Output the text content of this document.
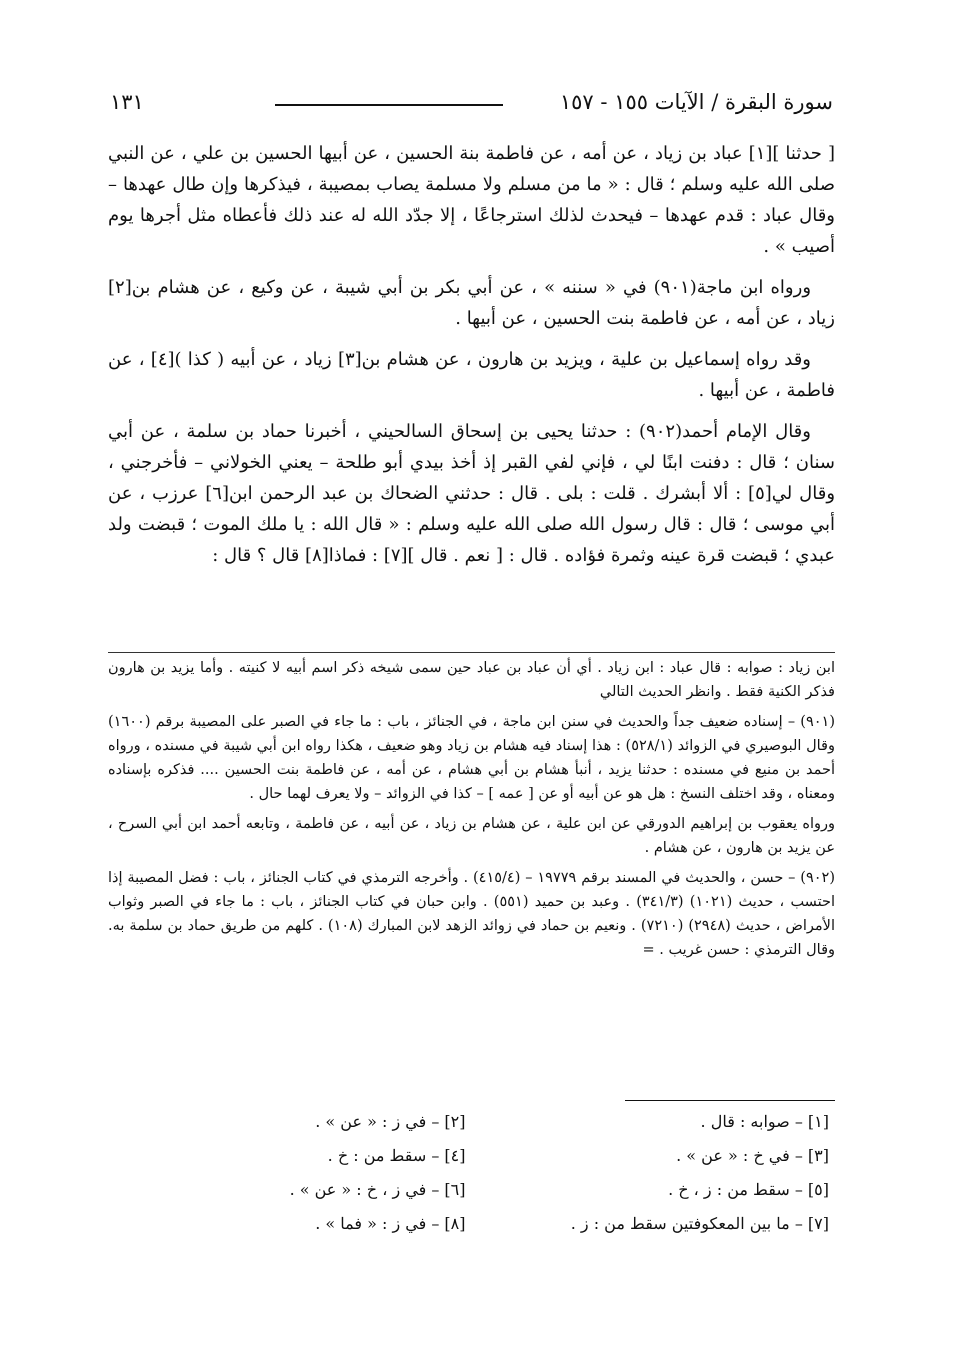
سورة البقرة / الآيات ١٥٥ - ١٥٧
١٣١

[ حدثنا ][١] عباد بن زياد ، عن أمه ، عن فاطمة بنة الحسين ، عن أبيها الحسين بن علي ، عن النبي صلى الله عليه وسلم ؛ قال : « ما من مسلم ولا مسلمة يصاب بمصيبة ، فيذكرها وإن طال عهدها – وقال عباد : قدم عهدها – فيحدث لذلك استرجاعًا ، إلا جدّد الله له عند ذلك فأعطاه مثل أجرها يوم أصيب » .

ورواه ابن ماجة(٩٠١) في « سننه » ، عن أبي بكر بن أبي شيبة ، عن وكيع ، عن هشام بن[٢] زياد ، عن أمه ، عن فاطمة بنت الحسين ، عن أبيها .

وقد رواه إسماعيل بن علية ، ويزيد بن هارون ، عن هشام بن[٣] زياد ، عن أبيه ( كذا )[٤] ، عن فاطمة ، عن أبيها .

وقال الإمام أحمد(٩٠٢) : حدثنا يحيى بن إسحاق السالحيني ، أخبرنا حماد بن سلمة ، عن أبي سنان ؛ قال : دفنت ابنًا لي ، فإني لفي القبر إذ أخذ بيدي أبو طلحة – يعني الخولاني – فأخرجني ، وقال لي[٥] : ألا أبشرك . قلت : بلى . قال : حدثني الضحاك بن عبد الرحمن ابن[٦] عرزب ، عن أبي موسى ؛ قال : قال رسول الله صلى الله عليه وسلم : « قال الله : يا ملك الموت ؛ قبضت ولد عبدي ؛ قبضت قرة عينه وثمرة فؤاده . قال : [ نعم . قال ][٧] : فماذا[٨] قال ؟ قال :

ابن زياد : صوابه : قال عباد : ابن زياد . أي أن عباد بن عباد حين سمى شيخه ذكر اسم أبيه لا كنيته . وأما يزيد بن هارون فذكر الكنية فقط . وانظر الحديث التالي

(٩٠١) – إسناده ضعيف جداً والحديث في سنن ابن ماجة ، في الجنائز ، باب : ما جاء في الصبر على المصيبة برقم (١٦٠٠) وقال البوصيري في الزوائد (٥٢٨/١) : هذا إسناد فيه هشام بن زياد وهو ضعيف ، هكذا رواه ابن أبي شيبة في مسنده ، ورواه أحمد بن منيع في مسنده : حدثنا يزيد ، أنبأ هشام بن أبي هشام ، عن أمه ، عن فاطمة بنت الحسين .... فذكره بإسناده ومعناه ، وقد اختلف النسخ : هل هو عن أبيه أو عن [ عمه ] – كذا في الزوائد – ولا يعرف لهما حال .

ورواه يعقوب بن إبراهيم الدورقي عن ابن علية ، عن هشام بن زياد ، عن أبيه ، عن فاطمة ، وتابعه أحمد ابن أبي السرح ، عن يزيد بن هارون ، عن هشام .

(٩٠٢) – حسن ، والحديث في المسند برقم ١٩٧٧٩ – (٤١٥/٤) . وأخرجه الترمذي في كتاب الجنائز ، باب : فضل المصيبة إذا احتسب ، حديث (١٠٢١) (٣٤١/٣) . وعبد بن حميد (٥٥١) . وابن حبان في كتاب الجنائز ، باب : ما جاء في الصبر وثواب الأمراض ، حديث (٢٩٤٨) (٧٢١٠) . ونعيم بن حماد في زوائد الزهد لابن المبارك (١٠٨) . كلهم من طريق حماد بن سلمة به. وقال الترمذي : حسن غريب . =

[١] – صوابه : قال .
[٢] – في ز : « عن » .
[٣] – في خ : « عن » .
[٤] – سقط من : خ .
[٥] – سقط من : ز ، خ .
[٦] – في ز ، خ : « عن » .
[٧] – ما بين المعكوفتين سقط من : ز .
[٨] – في ز : « فما » .
